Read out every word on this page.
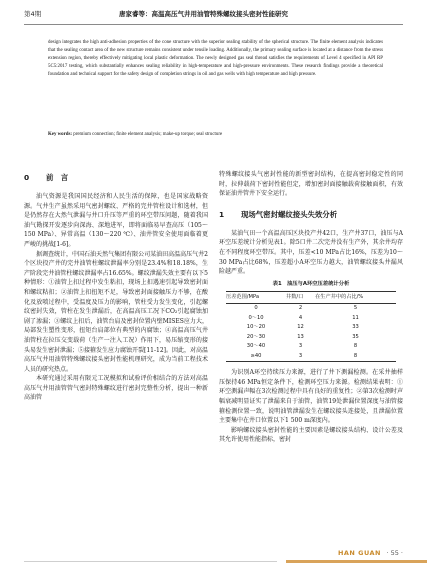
第4期	唐家睿等：高温高压气井用油管特殊螺纹接头密封性能研究
design integrates the high anti-adhesion properties of the cone structure with the superior sealing stability of the spherical structure. The finite element analysis indicates that the sealing contact area of the new structure remains consistent under tensile loading. Additionally, the primary sealing surface is located at a distance from the stress extension region, thereby effectively mitigating local plastic deformation. The newly designed gas seal thread satisfies the requirements of Level 4 specified in API RP 5C5:2017 testing, which substantially enhances sealing reliability in high-temperature and high-pressure environments. These research findings provide a theoretical foundation and technical support for the safety design of completion strings in oil and gas wells with high temperature and high pressure.
Key words: premium connection; finite element analysis; make-up torque; seal structure
0 前　言

油气资源是我国国民经济和人民生活的保障，也是国家战略资源。气井生产虽然采用气密封螺纹、严格的完井管柱设计和选材，但是仍然存在大然气泄漏与井口升压等严重的环空带压问题，随着我国油气勘探开发逐步向深海、深地进军，即将面临易早查高压（105～150 MPa）、异常高温（130～220 ℃）、油井管安全使用面临着更严峻的挑战[1-6]。

据调查统计，中国石油天然气集团有限公司某油田高温高压气井2个区块投产井的完井油管柱螺纹泄漏率分别是23.4%和18.18%，生产阶段完井油管柱螺纹泄漏率占16.65%。螺纹泄漏失效主要有以下5种情形：①油管上扣过程中发生粘扣，现场上扣遇速引起导致密封面和螺纹粘扣；②油管上扣扭矩不足，导致密封面接触压力不够，在酸化及放喷过程中，受温度及压力的影响，管柱受力发生变化，引起螺纹密封失效，管柱在发生泄漏后，在高温高压工况下CO₂引起腐蚀加剧了渗漏；③螺纹上扣后，油管台肩及密封位置内壁MISES应力大，局部发生塑性变形，扭矩台肩部位有典型的内腐蚀；④高温高压气井油管柱在拉压交变载荷（生产一注入工况）作用下，易压缩变形的接头易发生密封泄漏；⑤接箍发生应力腐蚀开裂[11-12]。因此，对高温高压气井用油管特殊螺纹接头密封性能机理研究，成为当前工程技术人员的研究热点。

本研究通过采用有限元工况模拟和试验评价相结合的方法对高温高压气井用油管管气密封特殊螺纹进行密封完整性分析，提出一种新高油管

特殊螺纹接头气密封性能的新型密封结构，在提高密封稳定性的同时，拉伸载荷下密封性能但定，增加密封面接触载荷接触面积，有效保证油井管井下安全运行。

1 现场气密封螺纹接头失效分析

某油气田一个高温高压区块投产井42口，生产井37口，油压与A环空压差统计分析见表1。除5口井二次完井没有生产外，其余井均存在不同程度环空带压。其中，压差<10 MPa占比16%，压差为10～30 MPa占比68%，压差超小A环空压力越大，油管螺纹接头井漏风险越严重。

表1　油压与A环空压差统计分析
压差范围/MPa	井数/口	在生产井中的占比/%
0	2	5
0～10	4	11
10～20	12	33
20～30	13	35
30～40	3	8
≥40	3	8

为识别A环空持续压力来源，进行了井下测漏检测。在采井抽样压保持46 MPa恒定条件下，检测环空压力来源。检测结果表明：①环空测漏声幅在3次检测过程中具有良好的重复性；②第3次检测时声幅衰减明显证实了泄漏来自于油管，油管19处泄漏位置深度与油管接箍检测位置一致，说明油管泄漏发生在螺纹接头连接处，且泄漏位置主要集中在井口位置以下1 500 m深度内。

影响螺纹接头密封性能的主要因素是螺纹接头结构、设计公差及其允许使用性能指标，密封

HAN GUAN · 55 ·
